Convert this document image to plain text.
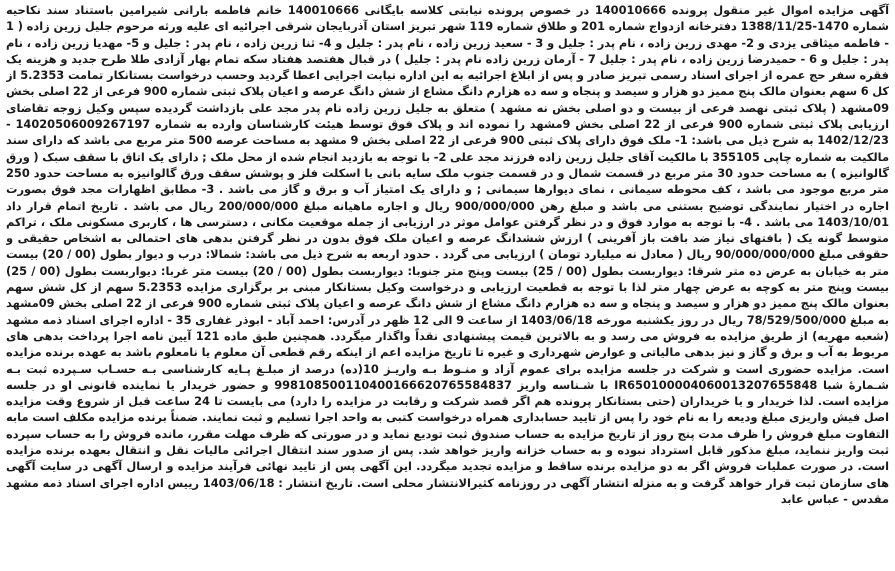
آگهی مزایده اموال غیر منقول پرونده 140010666 در خصوص پرونده نیابتی کلاسه بایگانی 140010666 خانم فاطمه بارانی شیرامین باستناد سند نکاحیه شماره 1470-1388/11/25 دفترخانه ازدواج شماره 201 و طلاق شماره 119 شهر تبریز استان آذربایجان شرقی اجرائیه ای علیه ورثه مرحوم جلیل زرین زاده ( 1 - فاطمه میثاقی یزدی و 2- مهدی زرین زاده ، نام پدر : جلیل و 3 - سعید زرین زاده ، نام پدر : جلیل و 4- ثنا زرین زاده ، نام پدر : جلیل و 5- مهدیا زرین زاده ، نام پدر : جلیل و 6 - حمیدرضا زرین زاده ، نام پدر : جلیل 7 - آرمان زرین زاده نام پدر : جلیل ) در قبال هفتصد هفتاد سکه تمام بهار آزادی طلا طرح جدید و هزینه یک فقره سفر حج عمره از اجرای اسناد رسمی تبریز صادر و پس از ابلاغ اجرائیه به این اداره نیابت اجرایی اعطا گردید وحسب درخواست بستانکار تمامت 5.2353 از کل 6 سهم بعنوان مالک پنج ممیز دو هزار و سیصد و پنجاه و سه ده هزارم دانگ مشاع از شش دانگ عرصه و اعیان پلاک ثبتی شماره 900 فرعی از 22 اصلی بخش 09مشهد ( پلاک ثبتی نهصد فرعی از بیست و دو اصلی بخش نه مشهد ) متعلق به جلیل زرین زاده نام پدر مجد علی بازداشت گردیده سپس وکیل زوجه تقاضای ارزیابی پلاک ثبتی شماره 900 فرعی از 22 اصلی بخش 9مشهد را نموده اند و پلاک فوق توسط هیئت کارشناسان وارده به شماره 14020506009267197 - 1402/12/23 به شرح ذیل می باشد: 1- ملک فوق دارای پلاک ثبتی 900 فرعی از 22 اصلی بخش 9 مشهد به مساحت عرصه 500 متر مربع می باشد که دارای سند مالکیت به شماره چاپی 355105 با مالکیت آقای جلیل زرین زاده فرزند مجد علی 2- با توجه به بازدید انجام شده از محل ملک ; دارای یک اتاق با سقف سبک ( ورق گالوانیزه ) به مساحت حدود 30 متر مربع در قسمت شمال و در قسمت جنوب ملک سایه بانی با اسکلت فلز و پوشش سقف ورق گالوانیزه به مساحت حدود 250 متر مربع موجود می باشد ، کف محوطه سیمانی ، نمای دیوارها سیمانی ; و دارای یک امتیاز آب و برق و گاز می باشد . 3- مطابق اظهارات مجد فوق بصورت اجاره در اختیار نمایندگی توضیح بستنی می باشد و مبلغ رهن 900/000/000 ریال و اجاره ماهیانه مبلغ 200/000/000 ریال می باشد . تاریخ اتمام قرار داد 1403/10/01 می باشد . 4- با توجه به موارد فوق و در نظر گرفتن عوامل موثر در ارزیابی از جمله موقعیت مکانی ، دسترسی ها ، کاربری مسکونی ملک ، تراکم متوسط گونه یک ( بافتهای نیاز ضد بافت باز آفرینی ) ارزش ششدانگ عرصه و اعیان ملک فوق بدون در نظر گرفتن بدهی های احتمالی به اشخاص حقیقی و حقوقی مبلغ 90/000/000/000 ریال ( معادل نه میلیارد تومان ) ارزیابی می گردد . حدود اربعه به شرح ذیل می باشد: شمالا: درب و دیوار بطول (00 / 20) بیست متر به خیابان به عرض ده متر شرقا: دیواربست بطول (00 / 25) بیست وپنج متر جنوبا: دیواربست بطول (00 / 20) بیست متر غربا: دیواربست بطول (00 / 25) بیست وپنج متر به کوچه به عرض چهار متر لذا با توجه به قطعیت ارزیابی و درخواست وکیل بستانکار مبنی بر برگزاری مزایده 5.2353 سهم از کل شش سهم بعنوان مالک پنج ممیز دو هزار و سیصد و پنجاه و سه ده هزارم دانگ مشاع از شش دانگ عرصه و اعیان پلاک ثبتی شماره 900 فرعی از 22 اصلی بخش 09مشهد به مبلغ 78/529/500/000 ریال در روز یکشنبه مورخه 1403/06/18 از ساعت 9 الی 12 ظهر در آدرس: احمد آباد - ابوذر غفاری 35 - اداره اجرای اسناد ذمه مشهد (شعبه مهریه) از طریق مزایده به فروش می رسد و به بالاترین قیمت پیشنهادی نقداً واگذار میگردد. همچنین طبق ماده 121 آیین نامه اجرا پرداخت بدهی های مربوط به آب و برق و گاز و نیز بدهی مالیاتی و عوارض شهرداری و غیره تا تاریخ مزایده اعم از اینکه رقم قطعی آن معلوم یا نامعلوم باشد به عهده برنده مزایده است. مزایده حضوری است و شرکت در جلسه مزایده برای عموم آزاد و منـوط بـه واریـز 10(ده) درصد از مبلـغ پـایه کارشناسی بـه حسـاب سـپرده ثبت بـه شـمارهٔ شبا IR650100004060013207655848 با شـناسه واریز 998108500110400166620765584837 و حضور خریدار یا نماینده قانونی او در جلسه مزایده است. لذا خریدار و یا خریداران (حتی بستانکار پرونده هم اگر قصد شرکت و رقابت در مزایده را دارد) می بایست تا 24 ساعت قبل از شروع وقت مزایده اصل فیش واریزی مبلغ ودیعه را به نام خود را پس از تایید حسابداری همراه درخواست کتبی به واحد اجرا تسلیم و ثبت نمایند. ضمناً برنده مزایده مکلف است مابه التفاوت مبلغ فروش را ظرف مدت پنج روز از تاریخ مزایده به حساب صندوق ثبت تودیع نماید و در صورتی که ظرف مهلت مقرر، مانده فروش را به حساب سپرده ثبت واریز ننماید، مبلغ مذکور قابل استرداد نبوده و به حساب خزانه واریز خواهد شد. پس از صدور سند انتقال اجرائی مالیات نقل و انتقال بعهده برنده مزایده است. در صورت عملیات فروش اگر به دو مزایده برنده ساقط و مزایده تجدید میگردد. این آگهی پس از تایید نهائی فرآیند مزایده و ارسال آگهی در سایت آگهی های سازمان ثبت قرار خواهد گرفت و به منزله انتشار آگهی در روزنامه کثیرالانتشار محلی است. تاریخ انتشار : 1403/06/18 رییس اداره اجرای اسناد ذمه مشهد مقدس - عباس عابد
